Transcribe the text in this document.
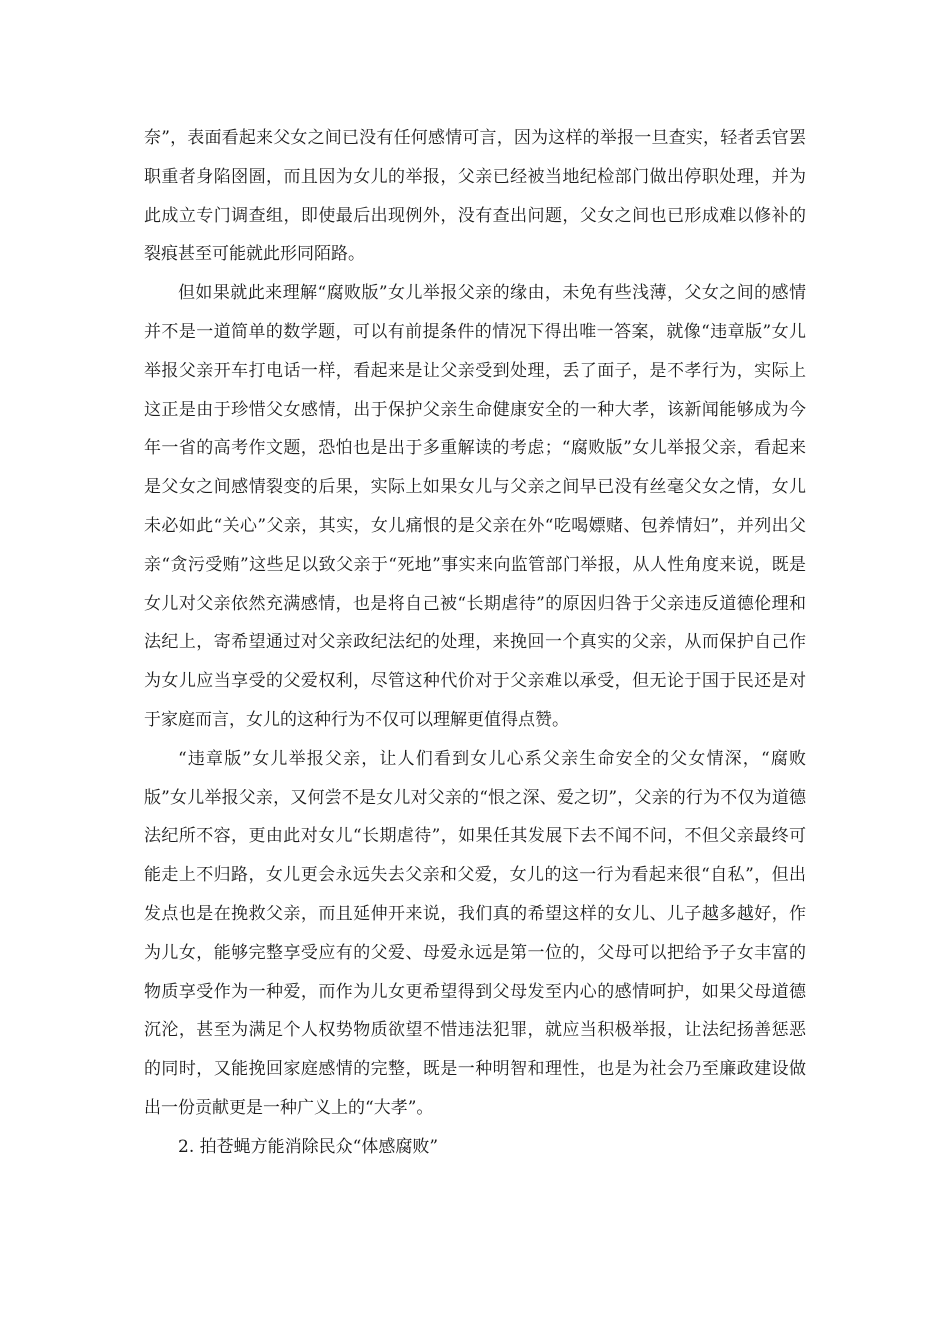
奈”，表面看起来父女之间已没有任何感情可言，因为这样的举报一旦查实，轻者丢官罢职重者身陷囹圄，而且因为女儿的举报，父亲已经被当地纪检部门做出停职处理，并为此成立专门调查组，即使最后出现例外，没有查出问题，父女之间也已形成难以修补的裂痕甚至可能就此形同陌路。

但如果就此来理解“腐败版”女儿举报父亲的缘由，未免有些浅薄，父女之间的感情并不是一道简单的数学题，可以有前提条件的情况下得出唯一答案，就像“违章版”女儿举报父亲开车打电话一样，看起来是让父亲受到处理，丢了面子，是不孝行为，实际上这正是由于珍惜父女感情，出于保护父亲生命健康安全的一种大孝，该新闻能够成为今年一省的高考作文题，恐怕也是出于多重解读的考虑；“腐败版”女儿举报父亲，看起来是父女之间感情裂变的后果，实际上如果女儿与父亲之间早已没有丝毫父女之情，女儿未必如此“关心”父亲，其实，女儿痛恨的是父亲在外“吃喝嫖赌、包养情妇”，并列出父亲“贪污受贿”这些足以致父亲于“死地”事实来向监管部门举报，从人性角度来说，既是女儿对父亲依然充满感情，也是将自己被“长期虐待”的原因归咎于父亲违反道德伦理和法纪上，寄希望通过对父亲政纪法纪的处理，来挽回一个真实的父亲，从而保护自己作为女儿应当享受的父爱权利，尽管这种代价对于父亲难以承受，但无论于国于民还是对于家庭而言，女儿的这种行为不仅可以理解更值得点赞。

“违章版”女儿举报父亲，让人们看到女儿心系父亲生命安全的父女情深，“腐败版”女儿举报父亲，又何尝不是女儿对父亲的“恨之深、爱之切”，父亲的行为不仅为道德法纪所不容，更由此对女儿“长期虐待”，如果任其发展下去不闻不问，不但父亲最终可能走上不归路，女儿更会永远失去父亲和父爱，女儿的这一行为看起来很“自私”，但出发点也是在挽救父亲，而且延伸开来说，我们真的希望这样的女儿、儿子越多越好，作为儿女，能够完整享受应有的父爱、母爱永远是第一位的，父母可以把给予子女丰富的物质享受作为一种爱，而作为儿女更希望得到父母发至内心的感情呵护，如果父母道德沉沦，甚至为满足个人权势物质欲望不惜违法犯罪，就应当积极举报，让法纪扬善惩恶的同时，又能挽回家庭感情的完整，既是一种明智和理性，也是为社会乃至廉政建设做出一份贡献更是一种广义上的“大孝”。

2. 拍苍蝇方能消除民众“体感腐败”
